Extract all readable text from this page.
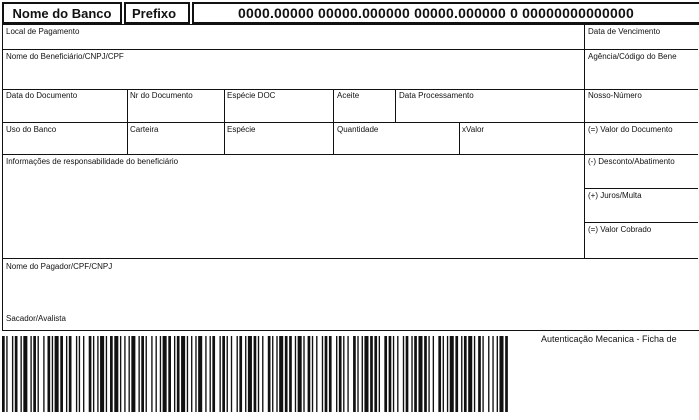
Nome do Banco	Prefixo	0000.00000 00000.000000 00000.000000 0 00000000000000
Local de Pagamento	Data de Vencimento
Nome do Beneficiário/CNPJ/CPF	Agência/Código do Bene
Data do Documento	Nr do Documento	Espécie DOC	Aceite	Data Processamento	Nosso-Número
Uso do Banco	Carteira	Espécie	Quantidade	xValor	(=) Valor do Documento
Informações de responsabilidade do beneficiário	(-) Desconto/Abatimento
(+) Juros/Multa
(=) Valor Cobrado
Nome do Pagador/CPF/CNPJ
Sacador/Avalista
Autenticação Mecanica - Ficha de
